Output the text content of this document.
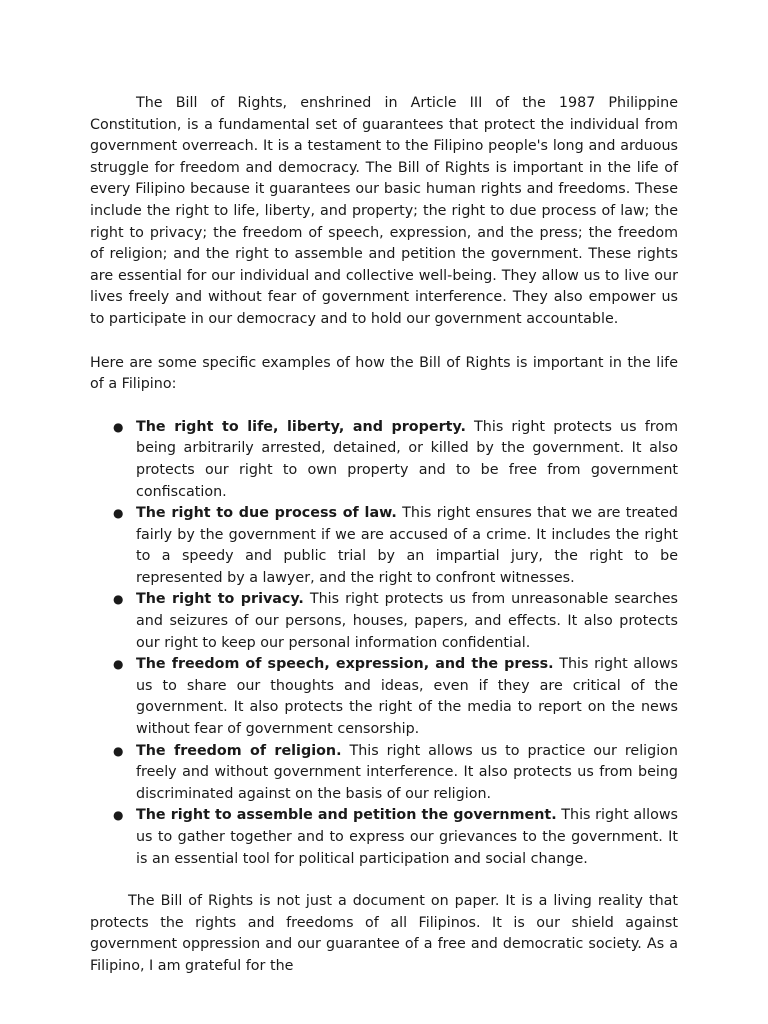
The Bill of Rights, enshrined in Article III of the 1987 Philippine Constitution, is a fundamental set of guarantees that protect the individual from government overreach. It is a testament to the Filipino people's long and arduous struggle for freedom and democracy. The Bill of Rights is important in the life of every Filipino because it guarantees our basic human rights and freedoms. These include the right to life, liberty, and property; the right to due process of law; the right to privacy; the freedom of speech, expression, and the press; the freedom of religion; and the right to assemble and petition the government. These rights are essential for our individual and collective well-being. They allow us to live our lives freely and without fear of government interference. They also empower us to participate in our democracy and to hold our government accountable.

Here are some specific examples of how the Bill of Rights is important in the life of a Filipino:

● The right to life, liberty, and property. This right protects us from being arbitrarily arrested, detained, or killed by the government. It also protects our right to own property and to be free from government confiscation.
● The right to due process of law. This right ensures that we are treated fairly by the government if we are accused of a crime. It includes the right to a speedy and public trial by an impartial jury, the right to be represented by a lawyer, and the right to confront witnesses.
● The right to privacy. This right protects us from unreasonable searches and seizures of our persons, houses, papers, and effects. It also protects our right to keep our personal information confidential.
● The freedom of speech, expression, and the press. This right allows us to share our thoughts and ideas, even if they are critical of the government. It also protects the right of the media to report on the news without fear of government censorship.
● The freedom of religion. This right allows us to practice our religion freely and without government interference. It also protects us from being discriminated against on the basis of our religion.
● The right to assemble and petition the government. This right allows us to gather together and to express our grievances to the government. It is an essential tool for political participation and social change.

The Bill of Rights is not just a document on paper. It is a living reality that protects the rights and freedoms of all Filipinos. It is our shield against government oppression and our guarantee of a free and democratic society. As a Filipino, I am grateful for the
